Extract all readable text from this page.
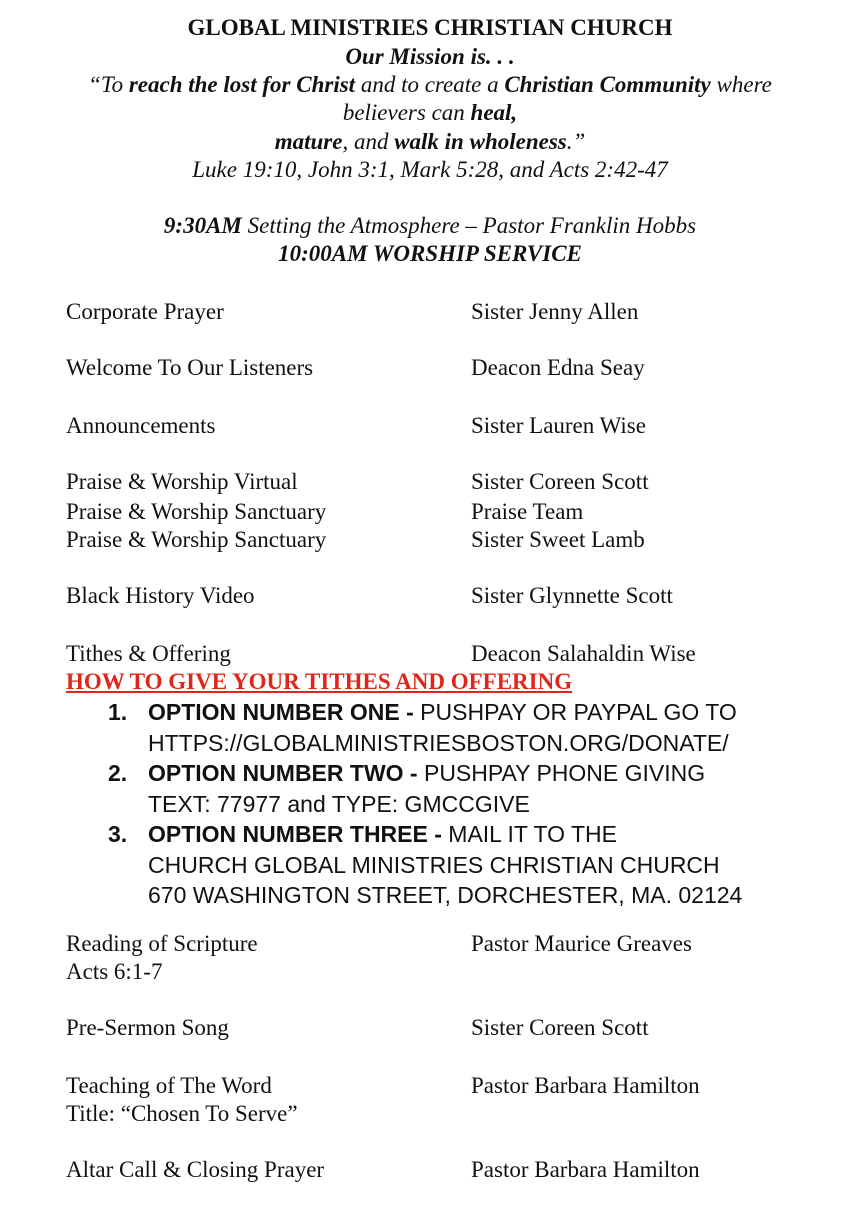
GLOBAL MINISTRIES CHRISTIAN CHURCH
Our Mission is. . .
“To reach the lost for Christ and to create a Christian Community where
believers can heal,
mature, and walk in wholeness.”
Luke 19:10, John 3:1, Mark 5:28, and Acts 2:42-47
9:30AM Setting the Atmosphere – Pastor Franklin Hobbs
10:00AM WORSHIP SERVICE
Corporate Prayer	Sister Jenny Allen
Welcome To Our Listeners	Deacon Edna Seay
Announcements	Sister Lauren Wise
Praise & Worship Virtual	Sister Coreen Scott
Praise & Worship Sanctuary	Praise Team
Praise & Worship Sanctuary	Sister Sweet Lamb
Black History Video	Sister Glynnette Scott
Tithes & Offering	Deacon Salahaldin Wise
HOW TO GIVE YOUR TITHES AND OFFERING
1. OPTION NUMBER ONE - PUSHPAY OR PAYPAL GO TO
HTTPS://GLOBALMINISTRIESBOSTON.ORG/DONATE/
2. OPTION NUMBER TWO - PUSHPAY PHONE GIVING
TEXT: 77977 and TYPE: GMCCGIVE
3. OPTION NUMBER THREE - MAIL IT TO THE
CHURCH GLOBAL MINISTRIES CHRISTIAN CHURCH
670 WASHINGTON STREET, DORCHESTER, MA. 02124
Reading of Scripture	Pastor Maurice Greaves
Acts 6:1-7
Pre-Sermon Song	Sister Coreen Scott
Teaching of The Word	Pastor Barbara Hamilton
Title: “Chosen To Serve”
Altar Call & Closing Prayer	Pastor Barbara Hamilton
